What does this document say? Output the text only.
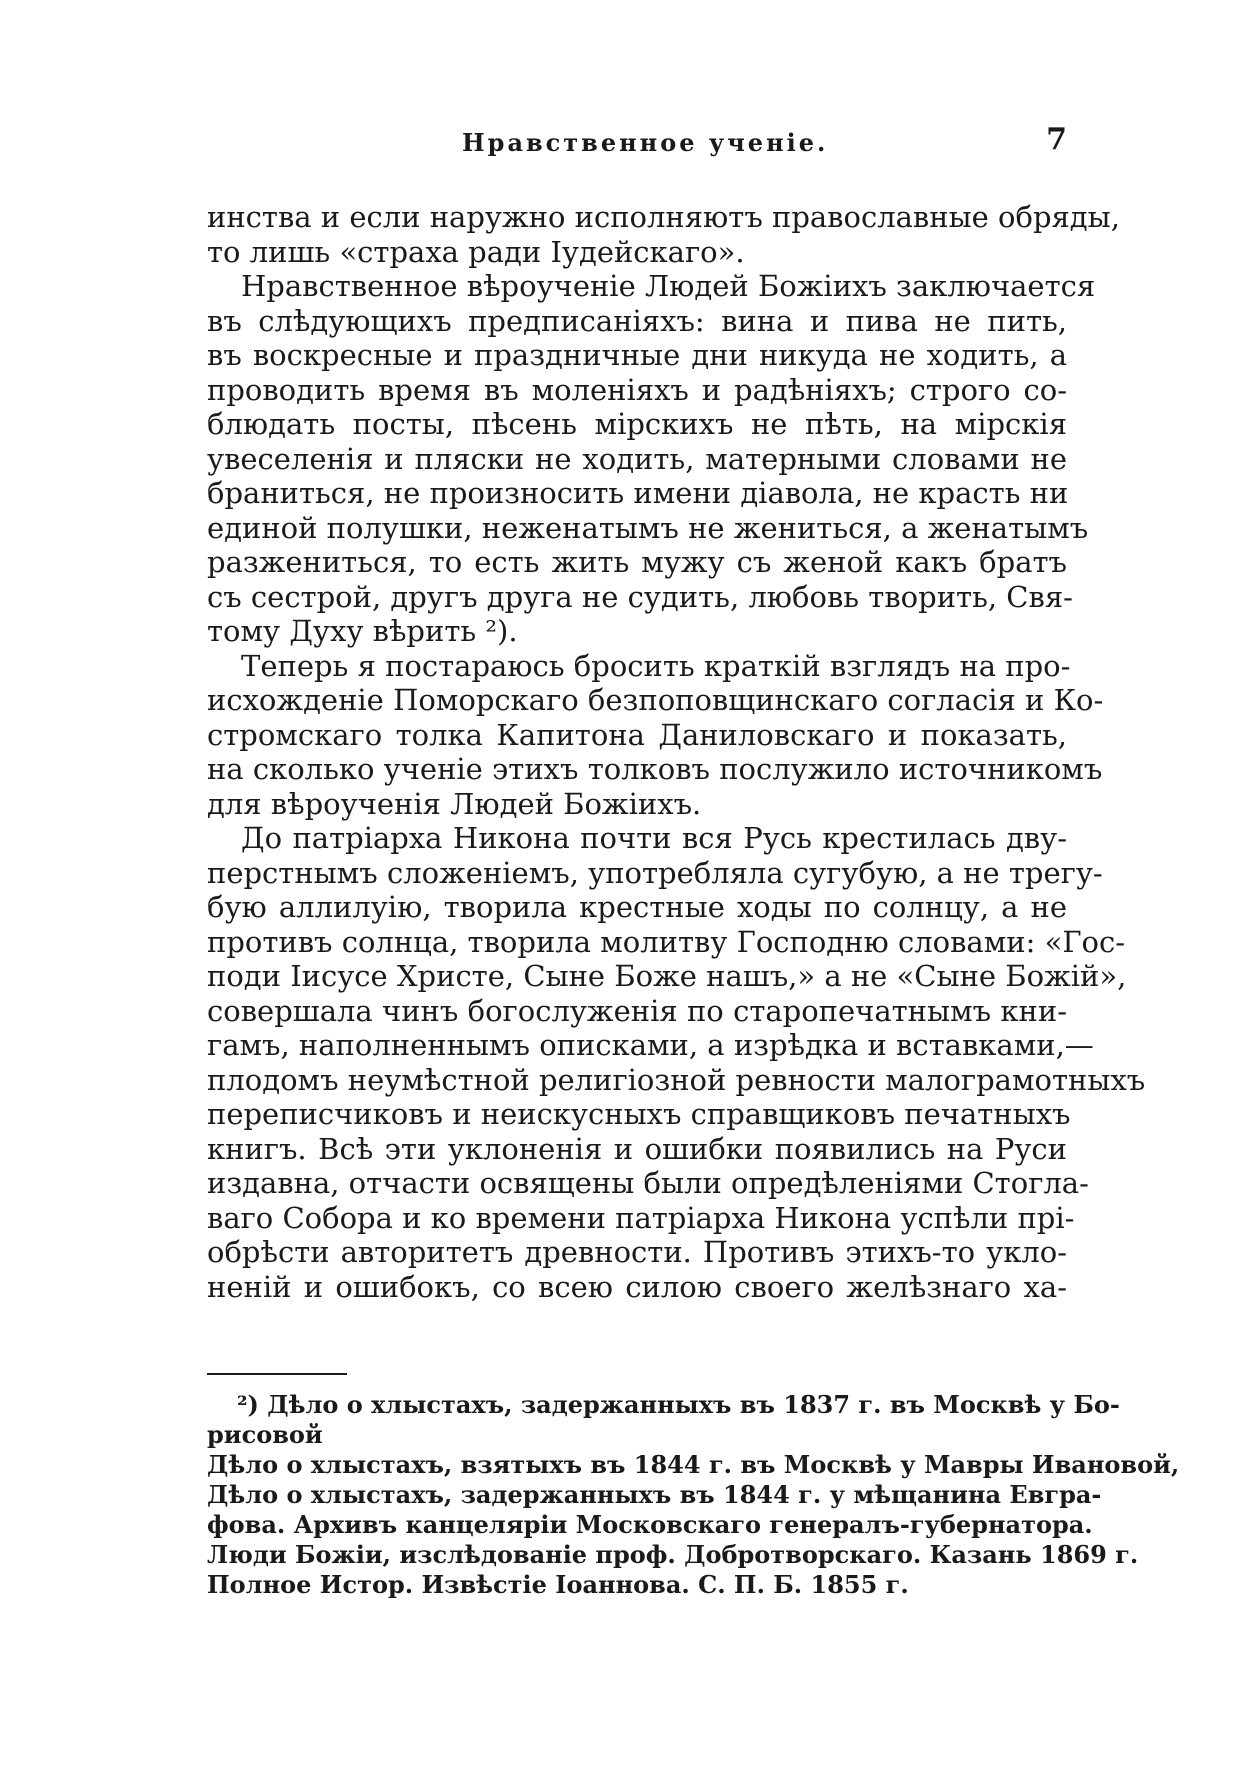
Нравственное ученіе.	7
инства и если наружно исполняютъ православные обряды,
то лишь «страха ради Іудейскаго».
Нравственное вѣроученіе Людей Божіихъ заключается
въ слѣдующихъ предписаніяхъ: вина и пива не пить,
въ воскресные и праздничные дни никуда не ходить, а
проводить время въ моленіяхъ и радѣніяхъ; строго со-
блюдать посты, пѣсень мірскихъ не пѣть, на мірскія
увеселенія и пляски не ходить, матерными словами не
браниться, не произносить имени діавола, не красть ни
единой полушки, неженатымъ не жениться, а женатымъ
разжениться, то есть жить мужу съ женой какъ братъ
съ сестрой, другъ друга не судить, любовь творить, Свя-
тому Духу вѣрить ²).
Теперь я постараюсь бросить краткій взглядъ на про-
исхожденіе Поморскаго безпоповщинскаго согласія и Ко-
стромскаго толка Капитона Даниловскаго и показать,
на сколько ученіе этихъ толковъ послужило источникомъ
для вѣроученія Людей Божіихъ.
До патріарха Никона почти вся Русь крестилась дву-
перстнымъ сложеніемъ, употребляла сугубую, а не трегу-
бую аллилуію, творила крестные ходы по солнцу, а не
противъ солнца, творила молитву Господню словами: «Гос-
поди Іисусе Христе, Сыне Боже нашъ,» а не «Сыне Божій»,
совершала чинъ богослуженія по старопечатнымъ кни-
гамъ, наполненнымъ описками, а изрѣдка и вставками,—
плодомъ неумѣстной религіозной ревности малограмотныхъ
переписчиковъ и неискусныхъ справщиковъ печатныхъ
книгъ. Всѣ эти уклоненія и ошибки появились на Руси
издавна, отчасти освящены были опредѣленіями Стогла-
ваго Собора и ко времени патріарха Никона успѣли прі-
обрѣсти авторитетъ древности. Противъ этихъ-то укло-
неній и ошибокъ, со всею силою своего желѣзнаго ха-
²) Дѣло о хлыстахъ, задержанныхъ въ 1837 г. въ Москвѣ у Бо-
рисовой
Дѣло о хлыстахъ, взятыхъ въ 1844 г. въ Москвѣ у Мавры Ивановой,
Дѣло о хлыстахъ, задержанныхъ въ 1844 г. у мѣщанина Евгра-
фова. Архивъ канцеляріи Московскаго генералъ-губернатора.
Люди Божіи, изслѣдованіе проф. Добротворскаго. Казань 1869 г.
Полное Истор. Извѣстіе Іоаннова. С. П. Б. 1855 г.
